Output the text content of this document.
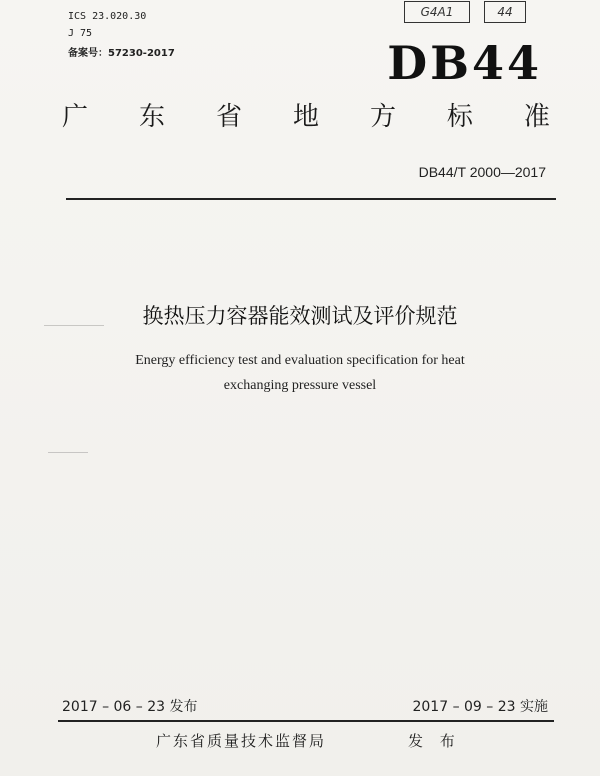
ICS 23.020.30
J 75
备案号：57230-2017
G4A1	44
DB44
广 东 省 地 方 标 准
DB44/T 2000—2017
换热压力容器能效测试及评价规范
Energy efficiency test and evaluation specification for heat
exchanging pressure vessel
2017 – 06 – 23 发布	2017 – 09 – 23 实施
广东省质量技术监督局	发 布
